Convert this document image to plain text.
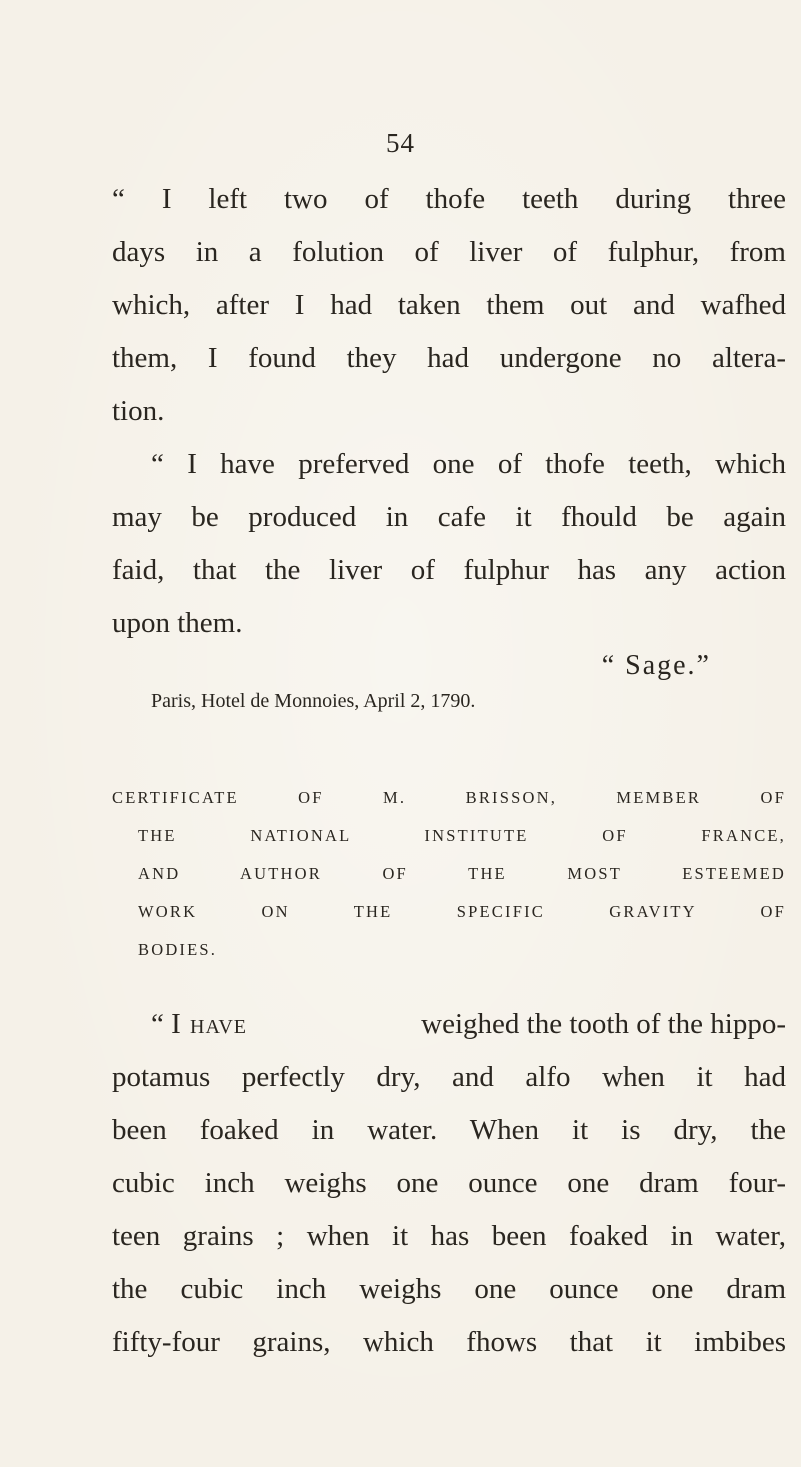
54
“ I left two of thofe teeth during three
days in a folution of liver of fulphur, from
which, after I had taken them out and wafhed
them, I found they had undergone no altera-
tion.
“ I have preferved one of thofe teeth, which
may be produced in cafe it fhould be again
“ Sage.”
Paris, Hotel de Monnoies, April 2, 1790.
CERTIFICATE OF M. BRISSON, MEMBER OF
THE NATIONAL INSTITUTE OF FRANCE,
AND AUTHOR OF THE MOST ESTEEMED
WORK ON THE SPECIFIC GRAVITY OF
BODIES.
“ I have	weighed the tooth of the hippo-
potamus perfectly dry, and alfo when it had
been foaked in water. When it is dry, the
cubic inch weighs one ounce one dram four-
teen grains ; when it has been foaked in water,
the cubic inch weighs one ounce one dram
fifty-four grains, which fhows that it imbibes
faid, that the liver of fulphur has any action
upon them.
